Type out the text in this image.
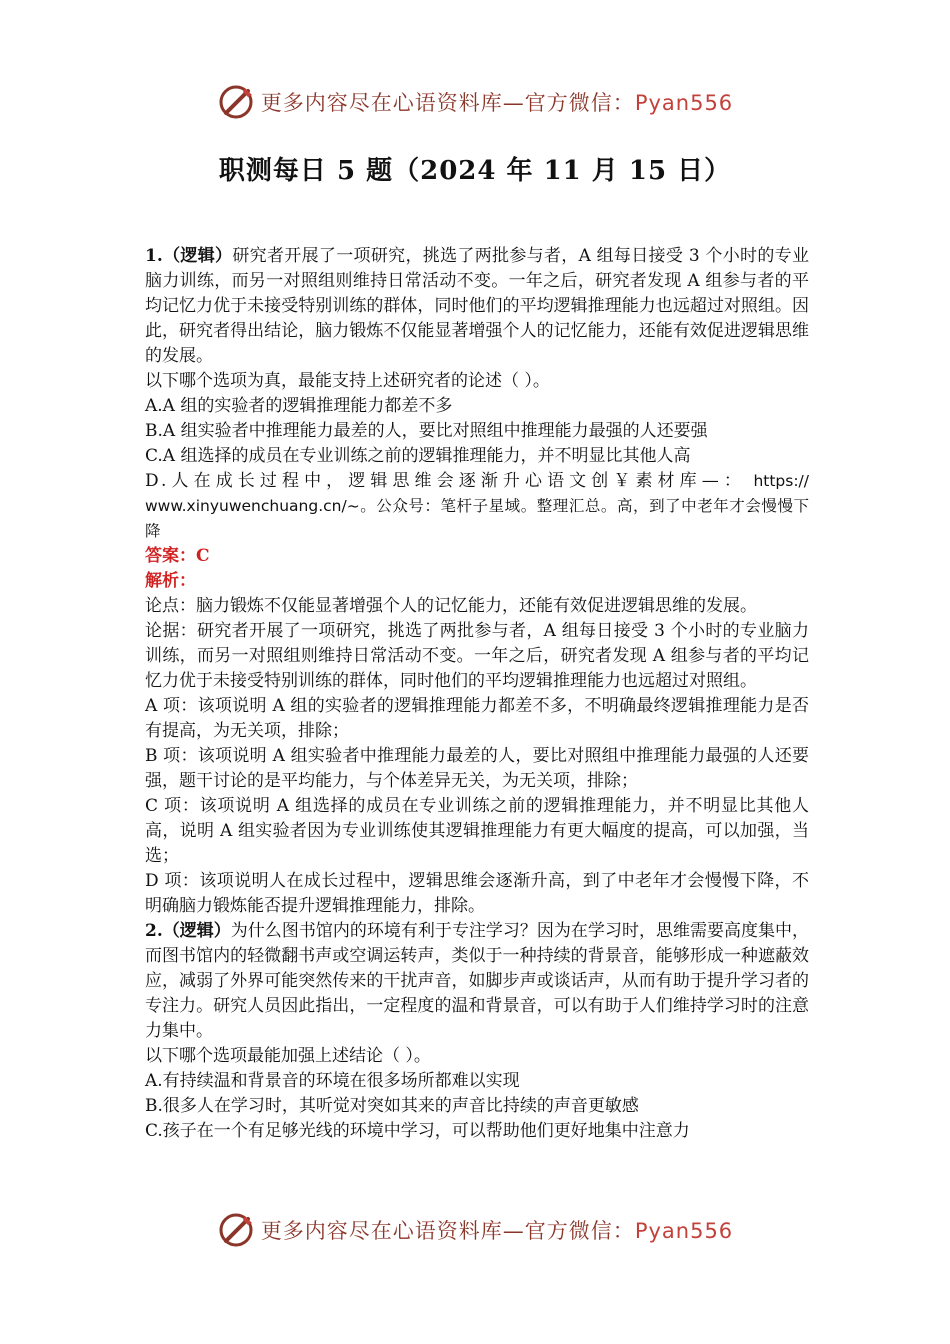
更多内容尽在心语资料库—官方微信：Pyan556
职测每日 5 题（2024 年 11 月 15 日）

1.（逻辑）研究者开展了一项研究，挑选了两批参与者，A 组每日接受 3 个小时的专业脑力训练，而另一对照组则维持日常活动不变。一年之后，研究者发现 A 组参与者的平均记忆力优于未接受特别训练的群体，同时他们的平均逻辑推理能力也远超过对照组。因此，研究者得出结论，脑力锻炼不仅能显著增强个人的记忆能力，还能有效促进逻辑思维的发展。

以下哪个选项为真，最能支持上述研究者的论述（ ）。

A.A 组的实验者的逻辑推理能力都差不多

B.A 组实验者中推理能力最差的人，要比对照组中推理能力最强的人还要强

C.A 组选择的成员在专业训练之前的逻辑推理能力，并不明显比其他人高

D.人在成长过程中，逻辑思维会逐渐升心语文创￥素材库—： https:// www.xinyuwenchuang.cn/~。公众号：笔杆子星域。整理汇总。高，到了中老年才会慢慢下降

答案：C

解析：

论点：脑力锻炼不仅能显著增强个人的记忆能力，还能有效促进逻辑思维的发展。

论据：研究者开展了一项研究，挑选了两批参与者，A 组每日接受 3 个小时的专业脑力训练，而另一对照组则维持日常活动不变。一年之后，研究者发现 A 组参与者的平均记忆力优于未接受特别训练的群体，同时他们的平均逻辑推理能力也远超过对照组。

A 项：该项说明 A 组的实验者的逻辑推理能力都差不多，不明确最终逻辑推理能力是否有提高，为无关项，排除；

B 项：该项说明 A 组实验者中推理能力最差的人，要比对照组中推理能力最强的人还要强，题干讨论的是平均能力，与个体差异无关，为无关项，排除；

C 项：该项说明 A 组选择的成员在专业训练之前的逻辑推理能力，并不明显比其他人高，说明 A 组实验者因为专业训练使其逻辑推理能力有更大幅度的提高，可以加强，当选；

D 项：该项说明人在成长过程中，逻辑思维会逐渐升高，到了中老年才会慢慢下降，不明确脑力锻炼能否提升逻辑推理能力，排除。

2.（逻辑）为什么图书馆内的环境有利于专注学习？因为在学习时，思维需要高度集中，而图书馆内的轻微翻书声或空调运转声，类似于一种持续的背景音，能够形成一种遮蔽效应，减弱了外界可能突然传来的干扰声音，如脚步声或谈话声，从而有助于提升学习者的专注力。研究人员因此指出，一定程度的温和背景音，可以有助于人们维持学习时的注意力集中。

以下哪个选项最能加强上述结论（ ）。

A.有持续温和背景音的环境在很多场所都难以实现

B.很多人在学习时，其听觉对突如其来的声音比持续的声音更敏感

C.孩子在一个有足够光线的环境中学习，可以帮助他们更好地集中注意力

更多内容尽在心语资料库—官方微信：Pyan556
